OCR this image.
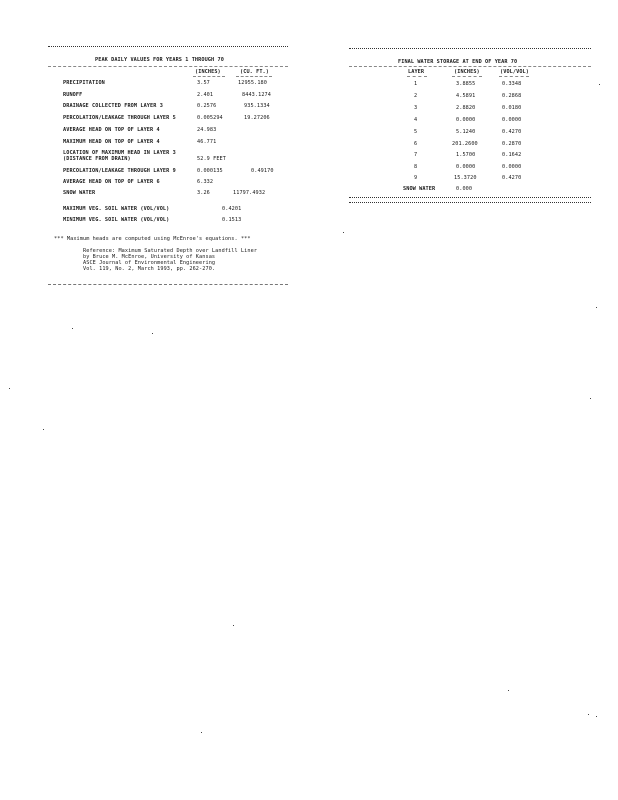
PEAK DAILY VALUES FOR YEARS 1 THROUGH 70
(INCHES)	(CU. FT.)
PRECIPITATION	3.57	12955.180
RUNOFF	2.401	8443.1274
DRAINAGE COLLECTED FROM LAYER 3	0.2576	935.1334
PERCOLATION/LEAKAGE THROUGH LAYER 5	0.005294	19.27206
AVERAGE HEAD ON TOP OF LAYER 4	24.983
MAXIMUM HEAD ON TOP OF LAYER 4	46.771
LOCATION OF MAXIMUM HEAD IN LAYER 3
(DISTANCE FROM DRAIN)	52.9 FEET
PERCOLATION/LEAKAGE THROUGH LAYER 9	0.000135	0.49170
AVERAGE HEAD ON TOP OF LAYER 6	6.332
SNOW WATER	3.26	11797.4932
MAXIMUM VEG. SOIL WATER (VOL/VOL)	0.4201
MINIMUM VEG. SOIL WATER (VOL/VOL)	0.1513
*** Maximum heads are computed using McEnroe's equations. ***
Reference: Maximum Saturated Depth over Landfill Liner
by Bruce M. McEnroe, University of Kansas
ASCE Journal of Environmental Engineering
Vol. 119, No. 2, March 1993, pp. 262-270.
FINAL WATER STORAGE AT END OF YEAR 70
LAYER	(INCHES)	(VOL/VOL)
1	3.8855	0.3348
2	4.5891	0.2868
3	2.8820	0.0180
4	0.0000	0.0000
5	5.1240	0.4270
6	201.2600	0.2870
7	1.5700	0.1642
8	0.0000	0.0000
9	15.3720	0.4270
SNOW WATER	0.000
